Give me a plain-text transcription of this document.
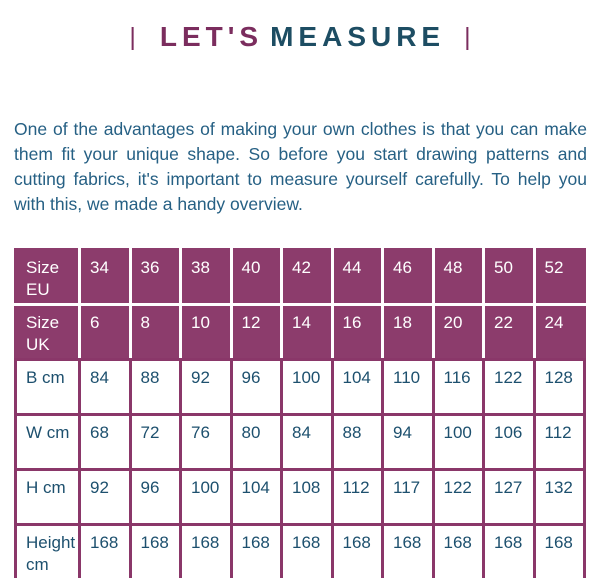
| LET'S MEASURE |

One of the advantages of making your own clothes is that you can make them fit your unique shape. So before you start drawing patterns and cutting fabrics, it's important to measure yourself carefully. To help you with this, we made a handy overview.

Size EU	34	36	38	40	42	44	46	48	50	52
Size UK	6	8	10	12	14	16	18	20	22	24
B cm	84	88	92	96	100	104	110	116	122	128
W cm	68	72	76	80	84	88	94	100	106	112
H cm	92	96	100	104	108	112	117	122	127	132
Height cm	168	168	168	168	168	168	168	168	168	168
